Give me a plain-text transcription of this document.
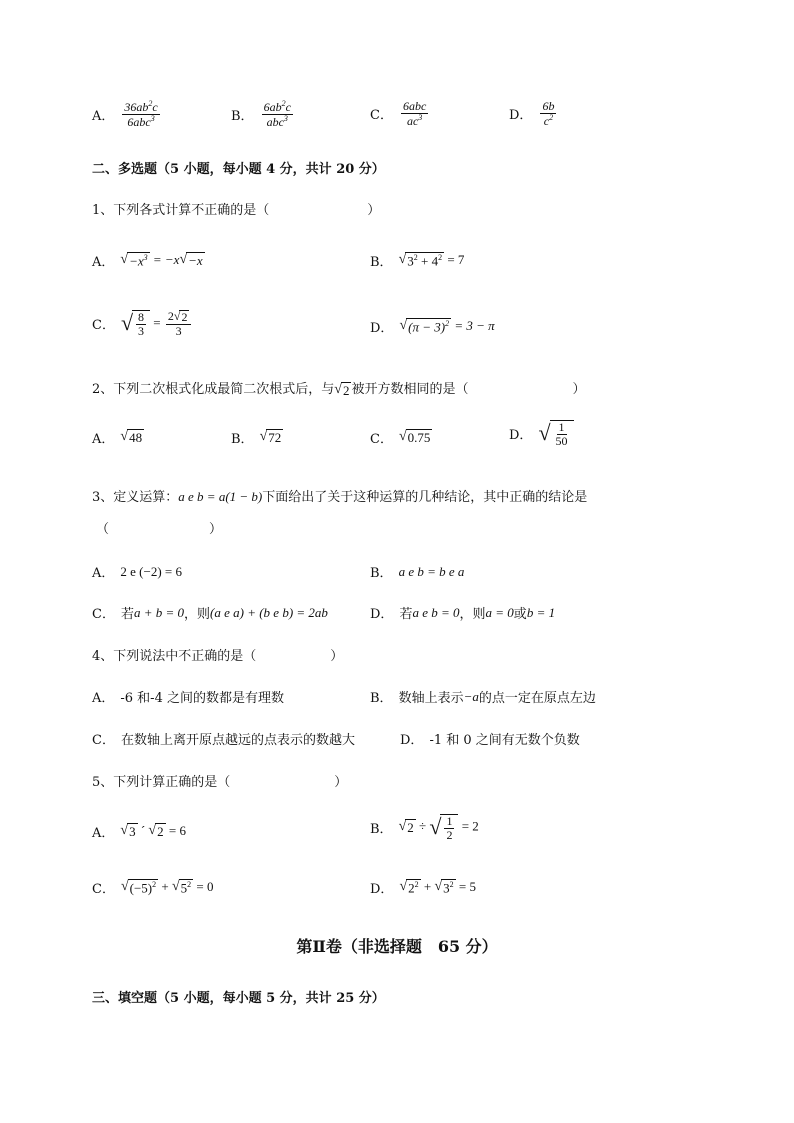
A． $\frac{36ab^2c}{6abc^3}$	B． $\frac{6ab^2c}{abc^3}$	C． $\frac{\text{6abc}}{ac^3}$	D． $\frac{6b}{c^2}$
二、多选题（5 小题，每小题 4 分，共计 20 分）
1、下列各式计算不正确的是（	）
A． √ $-x^3 = -x$ √ −x	B． √ $3^2 + 4^2 = 7$
C． √ $\frac{8}{3} = \frac{2 √ 2}{3}$	D． √ $(\pi - 3)^2 = 3 - \pi$
2、下列二次根式化成最简二次根式后，与 √ 2 被开方数相同的是（	）
A． √ 48	B． √ 72	C． √ 0.75	D． √ $\frac{1}{50}$
3、定义运算：a e b = a(1 − b)下面给出了关于这种运算的几种结论，其中正确的结论是
（	）
A． 2 e (−2) = 6	B． a e b = b e a
C． 若 a + b = 0 ，则 (a e a) + (b e b) = 2ab	D． 若 a e b = 0 ，则 a = 0 或 b = 1
4、下列说法中不正确的是（	）
A． -6 和-4 之间的数都是有理数	B． 数轴上表示 −a 的点一定在原点左边
C． 在数轴上离开原点越远的点表示的数越大	D． -1 和 0 之间有无数个负数
5、下列计算正确的是（	）
A． √ 3 ´ √ 2 = 6	B． √ 2 ÷ √ $\frac{1}{2} = 2$
C． √ $(-5)^2$ + √ $5^2 = 0$	D． √ $2^2$ + √ $3^2 = 5$
第Ⅱ卷（非选择题　65 分）
三、填空题（5 小题，每小题 5 分，共计 25 分）
